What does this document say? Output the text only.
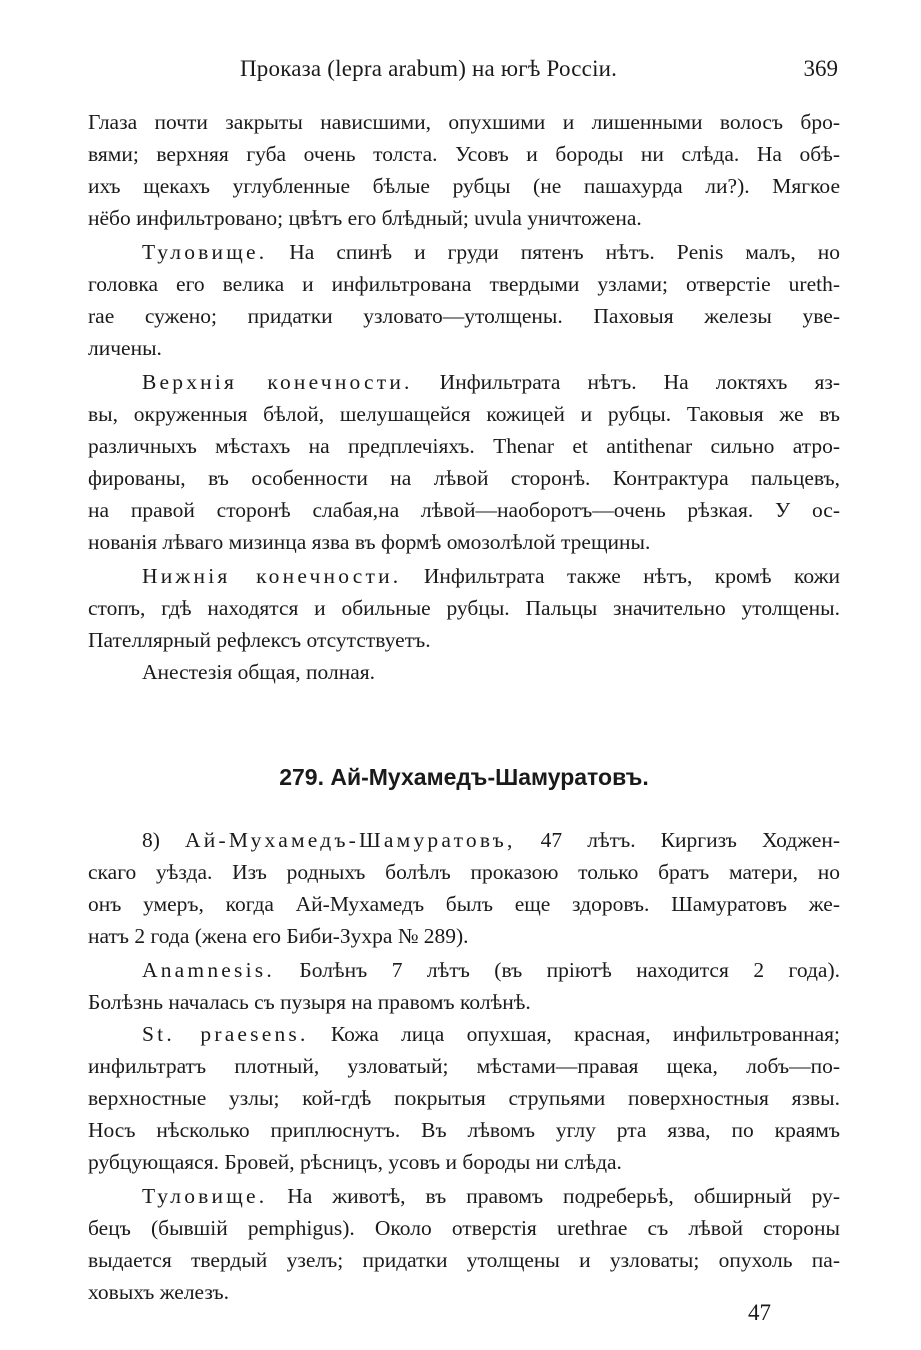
Проказа (lepra arabum) на югѣ Россіи.	369
Глаза почти закрыты нависшими, опухшими и лишенными волосъ бро-
вями; верхняя губа очень толста. Усовъ и бороды ни слѣда. На обѣ-
ихъ щекахъ углубленные бѣлые рубцы (не пашахурда ли?). Мягкое
нёбо инфильтровано; цвѣтъ его блѣдный; uvula уничтожена.
Туловище. На спинѣ и груди пятенъ нѣтъ. Penis малъ, но
головка его велика и инфильтрована твердыми узлами; отверстіе ureth-
rae сужено; придатки узловато—утолщены. Паховыя железы уве-
личены.
Верхнія конечности. Инфильтрата нѣтъ. На локтяхъ яз-
вы, окруженныя бѣлой, шелушащейся кожицей и рубцы. Таковыя же въ
различныхъ мѣстахъ на предплечіяхъ. Thenar et antithenar сильно атро-
фированы, въ особенности на лѣвой сторонѣ. Контрактура пальцевъ,
на правой сторонѣ слабая,на лѣвой—наоборотъ—очень рѣзкая. У ос-
нованія лѣваго мизинца язва въ формѣ омозолѣлой трещины.
Нижнія конечности. Инфильтрата также нѣтъ, кромѣ кожи
стопъ, гдѣ находятся и обильные рубцы. Пальцы значительно утолщены.
Пателлярный рефлексъ отсутствуетъ.
Анестезія общая, полная.
279. Ай-Мухамедъ-Шамуратовъ.
8) Ай-Мухамедъ-Шамуратовъ, 47 лѣтъ. Киргизъ Ходжен-
скаго уѣзда. Изъ родныхъ болѣлъ проказою только братъ матери, но
онъ умеръ, когда Ай-Мухамедъ былъ еще здоровъ. Шамуратовъ же-
натъ 2 года (жена его Биби-Зухра № 289).
Anamnesis. Болѣнъ 7 лѣтъ (въ пріютѣ находится 2 года).
Болѣзнь началась съ пузыря на правомъ колѣнѣ.
St. praesens. Кожа лица опухшая, красная, инфильтрованная;
инфильтратъ плотный, узловатый; мѣстами—правая щека, лобъ—по-
верхностные узлы; кой-гдѣ покрытыя струпьями поверхностныя язвы.
Носъ нѣсколько приплюснутъ. Въ лѣвомъ углу рта язва, по краямъ
рубцующаяся. Бровей, рѣсницъ, усовъ и бороды ни слѣда.
Туловище. На животѣ, въ правомъ подреберьѣ, обширный ру-
бецъ (бывшій pemphigus). Около отверстія urethrae съ лѣвой стороны
выдается твердый узелъ; придатки утолщены и узловаты; опухоль па-
ховыхъ железъ.
47
